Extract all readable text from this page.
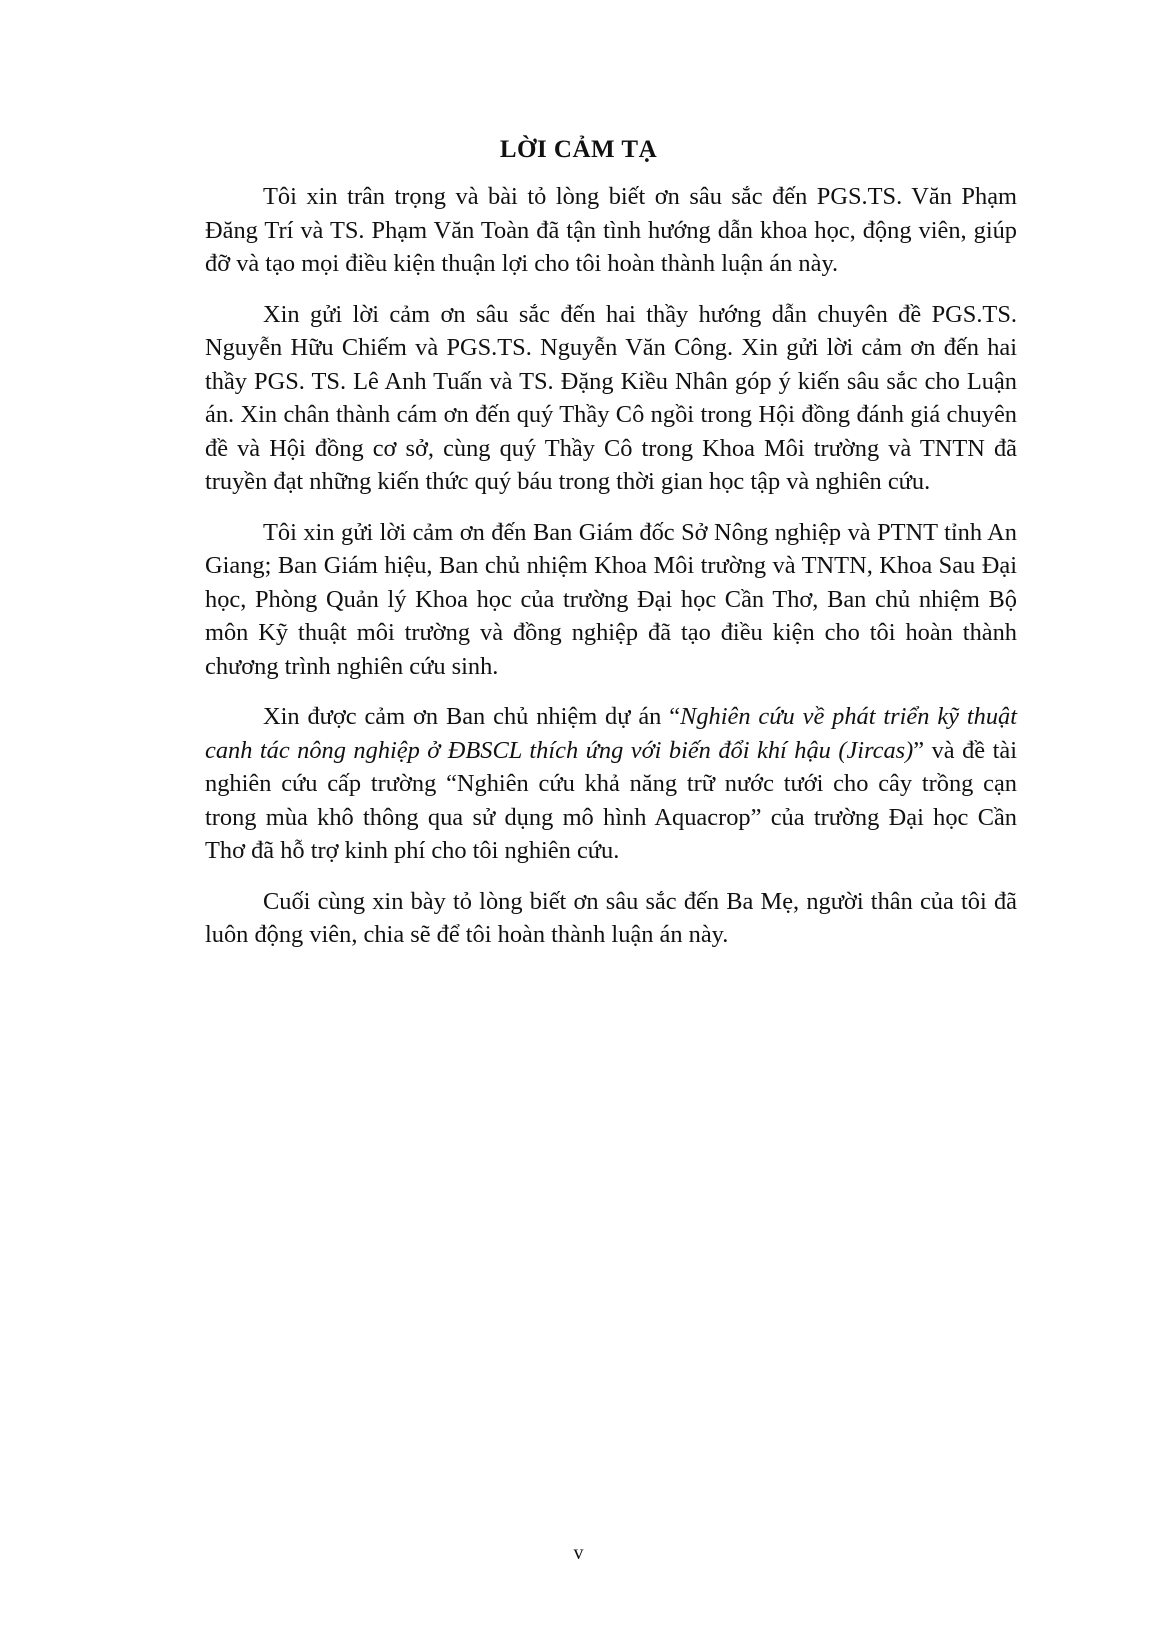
LỜI CẢM TẠ

Tôi xin trân trọng và bài tỏ lòng biết ơn sâu sắc đến PGS.TS. Văn Phạm Đăng Trí và TS. Phạm Văn Toàn đã tận tình hướng dẫn khoa học, động viên, giúp đỡ và tạo mọi điều kiện thuận lợi cho tôi hoàn thành luận án này.

Xin gửi lời cảm ơn sâu sắc đến hai thầy hướng dẫn chuyên đề PGS.TS. Nguyễn Hữu Chiếm và PGS.TS. Nguyễn Văn Công. Xin gửi lời cảm ơn đến hai thầy PGS. TS. Lê Anh Tuấn và TS. Đặng Kiều Nhân góp ý kiến sâu sắc cho Luận án. Xin chân thành cám ơn đến quý Thầy Cô ngồi trong Hội đồng đánh giá chuyên đề và Hội đồng cơ sở, cùng quý Thầy Cô trong Khoa Môi trường và TNTN đã truyền đạt những kiến thức quý báu trong thời gian học tập và nghiên cứu.

Tôi xin gửi lời cảm ơn đến Ban Giám đốc Sở Nông nghiệp và PTNT tỉnh An Giang; Ban Giám hiệu, Ban chủ nhiệm Khoa Môi trường và TNTN, Khoa Sau Đại học, Phòng Quản lý Khoa học của trường Đại học Cần Thơ, Ban chủ nhiệm Bộ môn Kỹ thuật môi trường và đồng nghiệp đã tạo điều kiện cho tôi hoàn thành chương trình nghiên cứu sinh.

Xin được cảm ơn Ban chủ nhiệm dự án “Nghiên cứu về phát triển kỹ thuật canh tác nông nghiệp ở ĐBSCL thích ứng với biến đổi khí hậu (Jircas)” và đề tài nghiên cứu cấp trường “Nghiên cứu khả năng trữ nước tưới cho cây trồng cạn trong mùa khô thông qua sử dụng mô hình Aquacrop” của trường Đại học Cần Thơ đã hỗ trợ kinh phí cho tôi nghiên cứu.

Cuối cùng xin bày tỏ lòng biết ơn sâu sắc đến Ba Mẹ, người thân của tôi đã luôn động viên, chia sẽ để tôi hoàn thành luận án này.

v
